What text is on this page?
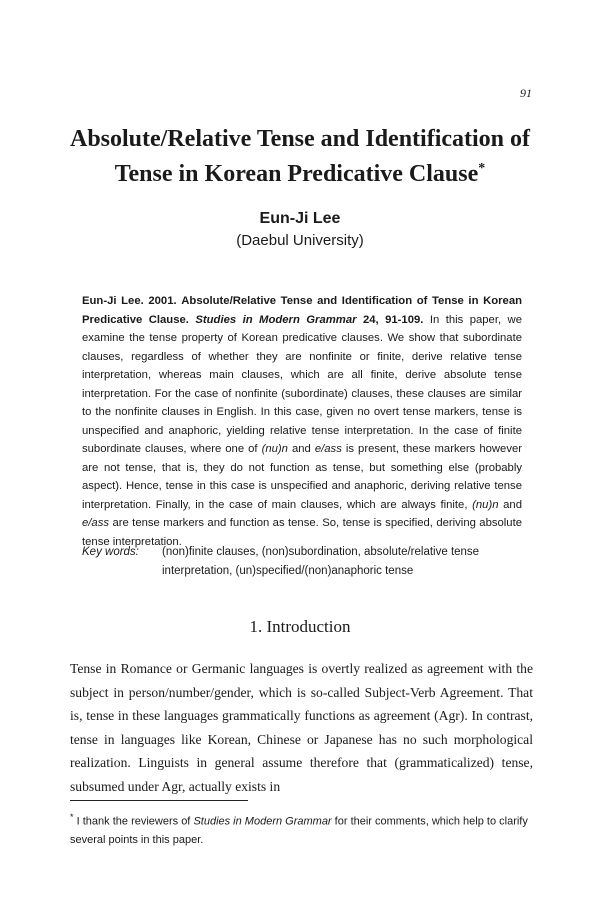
91
Absolute/Relative Tense and Identification of
Tense in Korean Predicative Clause*
Eun-Ji Lee
(Daebul University)

Eun-Ji Lee. 2001. Absolute/Relative Tense and Identification of Tense in Korean Predicative Clause. Studies in Modern Grammar 24, 91-109. In this paper, we examine the tense property of Korean predicative clauses. We show that subordinate clauses, regardless of whether they are nonfinite or finite, derive relative tense interpretation, whereas main clauses, which are all finite, derive absolute tense interpretation. For the case of nonfinite (subordinate) clauses, these clauses are similar to the nonfinite clauses in English. In this case, given no overt tense markers, tense is unspecified and anaphoric, yielding relative tense interpretation. In the case of finite subordinate clauses, where one of (nu)n and e/ass is present, these markers however are not tense, that is, they do not function as tense, but something else (probably aspect). Hence, tense in this case is unspecified and anaphoric, deriving relative tense interpretation. Finally, in the case of main clauses, which are always finite, (nu)n and e/ass are tense markers and function as tense. So, tense is specified, deriving absolute tense interpretation.

Key words: (non)finite clauses, (non)subordination, absolute/relative tense
interpretation, (un)specified/(non)anaphoric tense
1. Introduction

Tense in Romance or Germanic languages is overtly realized as agreement with the subject in person/number/gender, which is so-called Subject-Verb Agreement. That is, tense in these languages grammatically functions as agreement (Agr). In contrast, tense in languages like Korean, Chinese or Japanese has no such morphological realization. Linguists in general assume therefore that (grammaticalized) tense, subsumed under Agr, actually exists in

* I thank the reviewers of Studies in Modern Grammar for their comments, which help to clarify several points in this paper.
